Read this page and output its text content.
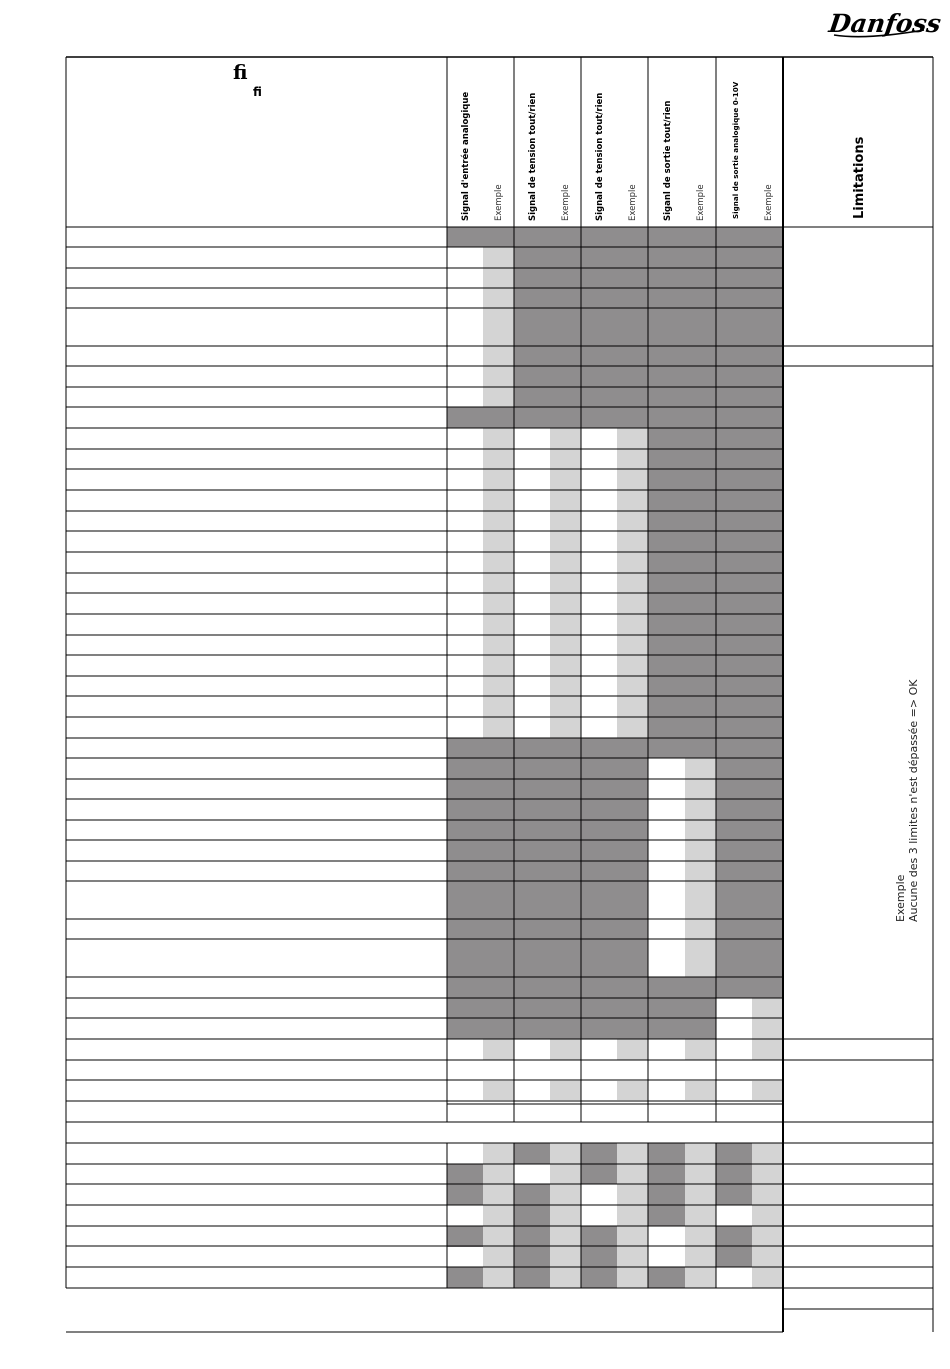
Danfoss
fi
fi	Signal d'entrée analogique	Exemple	Signal de tension tout/rien	Exemple	Signal de tension tout/rien	Exemple	Siganl de sortie tout/rien	Exemple	Signal de sortie analogique 0-10V	Exemple	Limitations
Exemple Aucune des 3 limites n'est dépassée => OK
